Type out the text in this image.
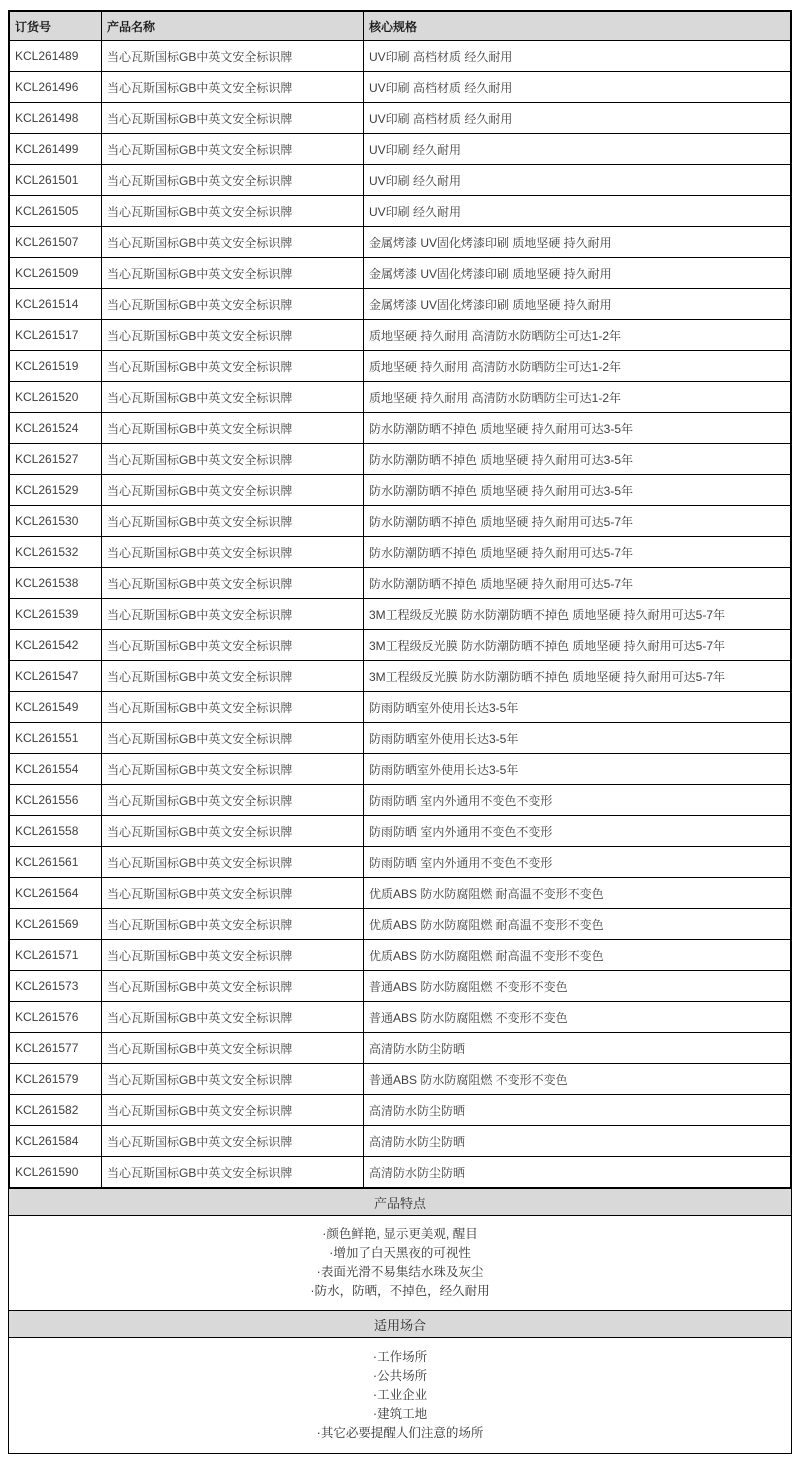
订货号	产品名称	核心规格
KCL261489	当心瓦斯国标GB中英文安全标识牌	UV印刷 高档材质 经久耐用
KCL261496	当心瓦斯国标GB中英文安全标识牌	UV印刷 高档材质 经久耐用
KCL261498	当心瓦斯国标GB中英文安全标识牌	UV印刷 高档材质 经久耐用
KCL261499	当心瓦斯国标GB中英文安全标识牌	UV印刷 经久耐用
KCL261501	当心瓦斯国标GB中英文安全标识牌	UV印刷 经久耐用
KCL261505	当心瓦斯国标GB中英文安全标识牌	UV印刷 经久耐用
KCL261507	当心瓦斯国标GB中英文安全标识牌	金属烤漆 UV固化烤漆印刷 质地坚硬 持久耐用
KCL261509	当心瓦斯国标GB中英文安全标识牌	金属烤漆 UV固化烤漆印刷 质地坚硬 持久耐用
KCL261514	当心瓦斯国标GB中英文安全标识牌	金属烤漆 UV固化烤漆印刷 质地坚硬 持久耐用
KCL261517	当心瓦斯国标GB中英文安全标识牌	质地坚硬 持久耐用 高清防水防晒防尘可达1-2年
KCL261519	当心瓦斯国标GB中英文安全标识牌	质地坚硬 持久耐用 高清防水防晒防尘可达1-2年
KCL261520	当心瓦斯国标GB中英文安全标识牌	质地坚硬 持久耐用 高清防水防晒防尘可达1-2年
KCL261524	当心瓦斯国标GB中英文安全标识牌	防水防潮防晒不掉色 质地坚硬 持久耐用可达3-5年
KCL261527	当心瓦斯国标GB中英文安全标识牌	防水防潮防晒不掉色 质地坚硬 持久耐用可达3-5年
KCL261529	当心瓦斯国标GB中英文安全标识牌	防水防潮防晒不掉色 质地坚硬 持久耐用可达3-5年
KCL261530	当心瓦斯国标GB中英文安全标识牌	防水防潮防晒不掉色 质地坚硬 持久耐用可达5-7年
KCL261532	当心瓦斯国标GB中英文安全标识牌	防水防潮防晒不掉色 质地坚硬 持久耐用可达5-7年
KCL261538	当心瓦斯国标GB中英文安全标识牌	防水防潮防晒不掉色 质地坚硬 持久耐用可达5-7年
KCL261539	当心瓦斯国标GB中英文安全标识牌	3M工程级反光膜 防水防潮防晒不掉色 质地坚硬 持久耐用可达5-7年
KCL261542	当心瓦斯国标GB中英文安全标识牌	3M工程级反光膜 防水防潮防晒不掉色 质地坚硬 持久耐用可达5-7年
KCL261547	当心瓦斯国标GB中英文安全标识牌	3M工程级反光膜 防水防潮防晒不掉色 质地坚硬 持久耐用可达5-7年
KCL261549	当心瓦斯国标GB中英文安全标识牌	防雨防晒室外使用长达3-5年
KCL261551	当心瓦斯国标GB中英文安全标识牌	防雨防晒室外使用长达3-5年
KCL261554	当心瓦斯国标GB中英文安全标识牌	防雨防晒室外使用长达3-5年
KCL261556	当心瓦斯国标GB中英文安全标识牌	防雨防晒 室内外通用不变色不变形
KCL261558	当心瓦斯国标GB中英文安全标识牌	防雨防晒 室内外通用不变色不变形
KCL261561	当心瓦斯国标GB中英文安全标识牌	防雨防晒 室内外通用不变色不变形
KCL261564	当心瓦斯国标GB中英文安全标识牌	优质ABS 防水防腐阻燃 耐高温不变形不变色
KCL261569	当心瓦斯国标GB中英文安全标识牌	优质ABS 防水防腐阻燃 耐高温不变形不变色
KCL261571	当心瓦斯国标GB中英文安全标识牌	优质ABS 防水防腐阻燃 耐高温不变形不变色
KCL261573	当心瓦斯国标GB中英文安全标识牌	普通ABS 防水防腐阻燃 不变形不变色
KCL261576	当心瓦斯国标GB中英文安全标识牌	普通ABS 防水防腐阻燃 不变形不变色
KCL261577	当心瓦斯国标GB中英文安全标识牌	高清防水防尘防晒
KCL261579	当心瓦斯国标GB中英文安全标识牌	普通ABS 防水防腐阻燃 不变形不变色
KCL261582	当心瓦斯国标GB中英文安全标识牌	高清防水防尘防晒
KCL261584	当心瓦斯国标GB中英文安全标识牌	高清防水防尘防晒
KCL261590	当心瓦斯国标GB中英文安全标识牌	高清防水防尘防晒
产品特点
·颜色鲜艳, 显示更美观, 醒目
·增加了白天黑夜的可视性
·表面光滑不易集结水珠及灰尘
·防水，防晒，不掉色，经久耐用
适用场合
·工作场所
·公共场所
·工业企业
·建筑工地
·其它必要提醒人们注意的场所
